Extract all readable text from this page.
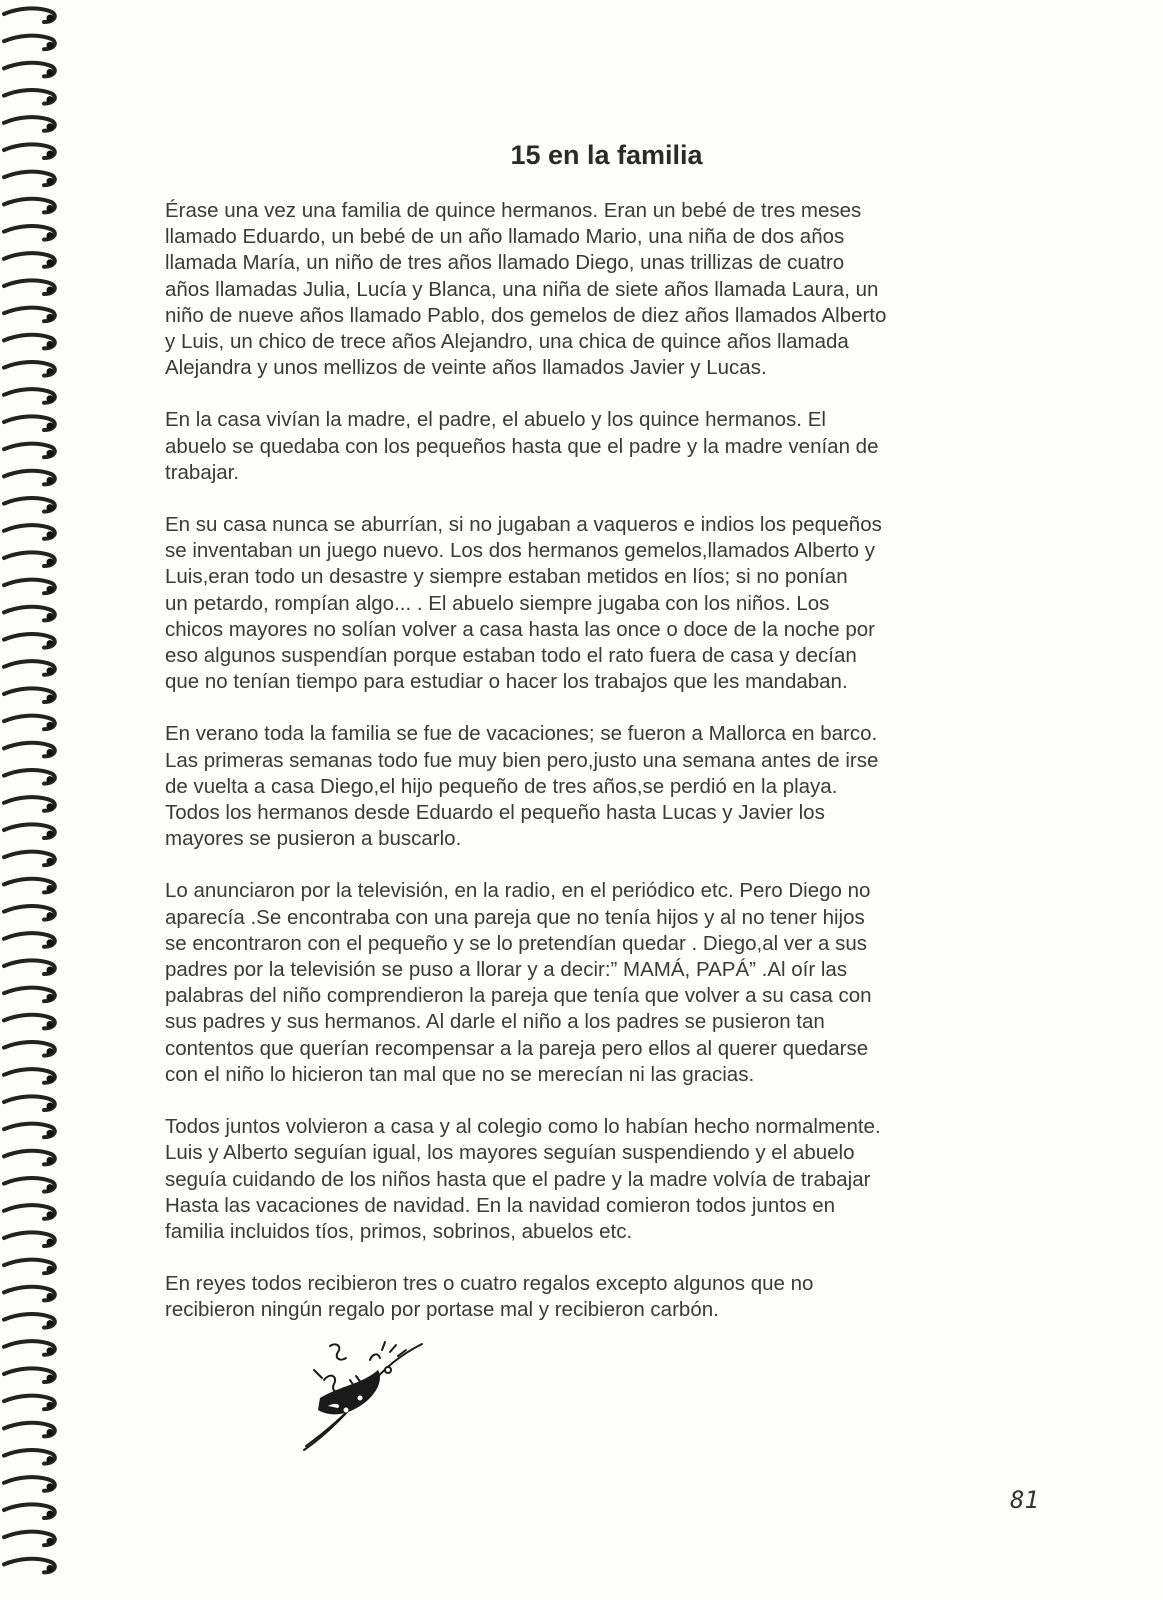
15 en la familia
Érase una vez una familia de quince hermanos. Eran un bebé de tres meses
llamado Eduardo, un bebé de un año llamado Mario, una niña de dos años
llamada María, un niño de tres años llamado Diego, unas trillizas de cuatro
años llamadas Julia, Lucía y Blanca, una niña de siete años llamada Laura, un
niño de nueve años llamado Pablo, dos gemelos de diez años llamados Alberto
y Luis, un chico de trece años Alejandro, una chica de quince años llamada
Alejandra y unos mellizos de veinte años llamados Javier y Lucas.
En la casa vivían la madre, el padre, el abuelo y los quince hermanos. El
abuelo se quedaba con los pequeños hasta que el padre y la madre venían de
trabajar.
En su casa nunca se aburrían, si no jugaban a vaqueros e indios los pequeños
se inventaban un juego nuevo. Los dos hermanos gemelos,llamados Alberto y
Luis,eran todo un desastre y siempre estaban metidos en líos; si no ponían
un petardo, rompían algo... . El abuelo siempre jugaba con los niños. Los
chicos mayores no solían volver a casa hasta las once o doce de la noche por
eso algunos suspendían porque estaban todo el rato fuera de casa y decían
que no tenían tiempo para estudiar o hacer los trabajos que les mandaban.
En verano toda la familia se fue de vacaciones; se fueron a Mallorca en barco.
Las primeras semanas todo fue muy bien pero,justo una semana antes de irse
de vuelta a casa Diego,el hijo pequeño de tres años,se perdió en la playa.
Todos los hermanos desde Eduardo el pequeño hasta Lucas y Javier los
mayores se pusieron a buscarlo.
Lo anunciaron por la televisión, en la radio, en el periódico etc. Pero Diego no
aparecía .Se encontraba con una pareja que no tenía hijos y al no tener hijos
se encontraron con el pequeño y se lo pretendían quedar . Diego,al ver a sus
padres por la televisión se puso a llorar y a decir:” MAMÁ, PAPÁ” .Al oír las
palabras del niño comprendieron la pareja que tenía que volver a su casa con
sus padres y sus hermanos. Al darle el niño a los padres se pusieron tan
contentos que querían recompensar a la pareja pero ellos al querer quedarse
con el niño lo hicieron tan mal que no se merecían ni las gracias.
Todos juntos volvieron a casa y al colegio como lo habían hecho normalmente.
Luis y Alberto seguían igual, los mayores seguían suspendiendo y el abuelo
seguía cuidando de los niños hasta que el padre y la madre volvía de trabajar
Hasta las vacaciones de navidad. En la navidad comieron todos juntos en
familia incluidos tíos, primos, sobrinos, abuelos etc.
En reyes todos recibieron tres o cuatro regalos excepto algunos que no
recibieron ningún regalo por portase mal y recibieron carbón.
81
